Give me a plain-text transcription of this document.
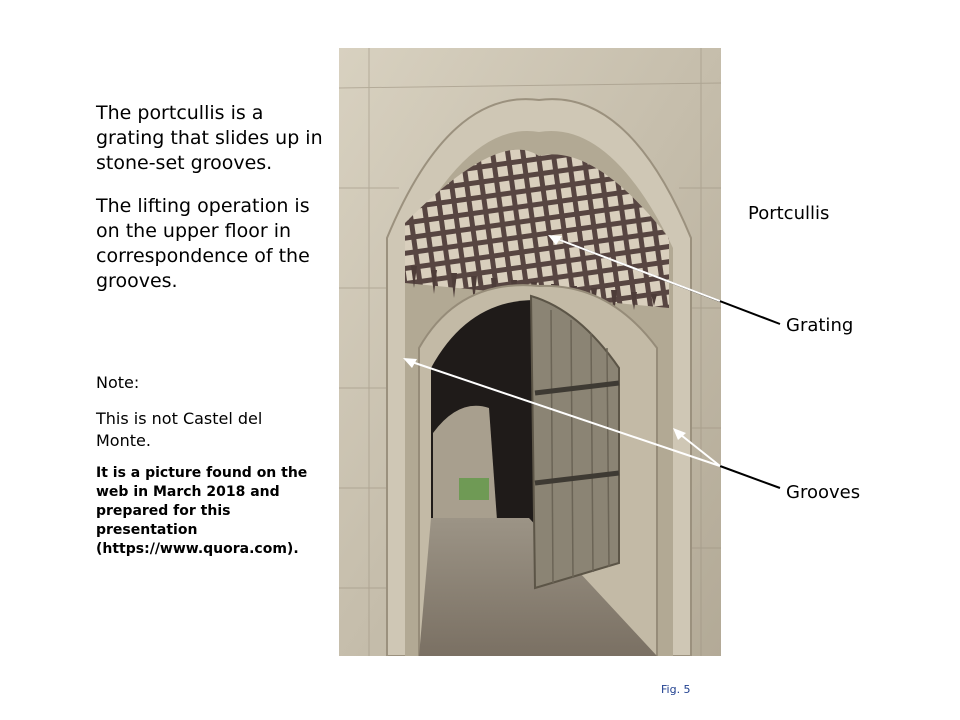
The portcullis is a grating that slides up in stone-set grooves.

The lifting operation is on the upper floor in correspondence of the grooves.

Note:

This is not Castel del Monte.

It is a picture found on the web in March 2018 and prepared for this presentation (https://www.quora.com).

Portcullis

Grating

Grooves

Fig. 5
